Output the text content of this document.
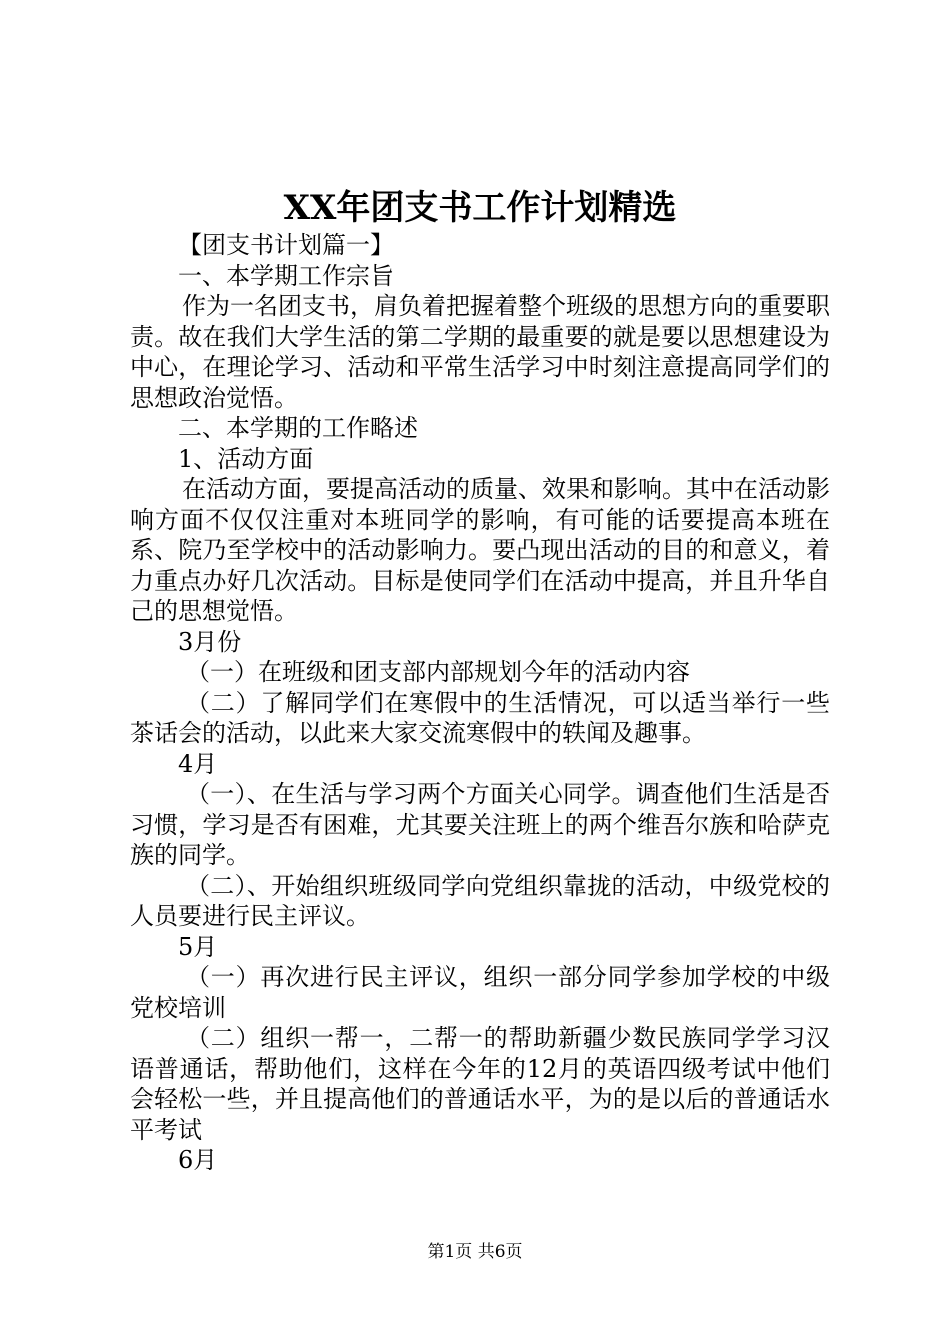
XX年团支书工作计划精选

【团支书计划篇一】

一、本学期工作宗旨

作为一名团支书，肩负着把握着整个班级的思想方向的重要职责。故在我们大学生活的第二学期的最重要的就是要以思想建设为中心，在理论学习、活动和平常生活学习中时刻注意提高同学们的思想政治觉悟。

二、本学期的工作略述

1、活动方面

在活动方面，要提高活动的质量、效果和影响。其中在活动影响方面不仅仅注重对本班同学的影响，有可能的话要提高本班在系、院乃至学校中的活动影响力。要凸现出活动的目的和意义，着力重点办好几次活动。目标是使同学们在活动中提高，并且升华自己的思想觉悟。

3月份

（一）在班级和团支部内部规划今年的活动内容

（二）了解同学们在寒假中的生活情况，可以适当举行一些茶话会的活动，以此来大家交流寒假中的轶闻及趣事。

4月

（一）、在生活与学习两个方面关心同学。调查他们生活是否习惯，学习是否有困难，尤其要关注班上的两个维吾尔族和哈萨克族的同学。

（二）、开始组织班级同学向党组织靠拢的活动，中级党校的人员要进行民主评议。

5月

（一）再次进行民主评议，组织一部分同学参加学校的中级党校培训

（二）组织一帮一，二帮一的帮助新疆少数民族同学学习汉语普通话，帮助他们，这样在今年的12月的英语四级考试中他们会轻松一些，并且提高他们的普通话水平，为的是以后的普通话水平考试

6月

第1页 共6页
